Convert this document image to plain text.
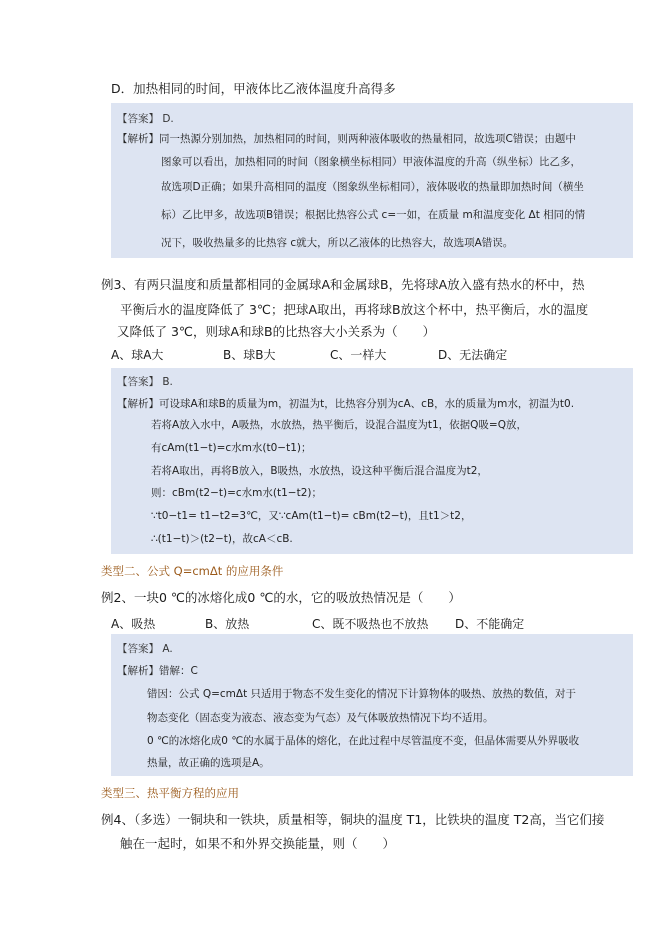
D．加热相同的时间，甲液体比乙液体温度升高得多
【答案】 D.
【解析】同一热源分别加热，加热相同的时间，则两种液体吸收的热量相同，故选项C错误；由题中
图象可以看出，加热相同的时间（图象横坐标相同）甲液体温度的升高（纵坐标）比乙多，
故选项D正确；如果升高相同的温度（图象纵坐标相同），液体吸收的热量即加热时间（横坐
标）乙比甲多，故选项B错误；根据比热容公式 c=一如，在质量 m和温度变化 Δt 相同的情
况下，吸收热量多的比热容 c就大，所以乙液体的比热容大，故选项A错误。
例3、有两只温度和质量都相同的金属球A和金属球B，先将球A放入盛有热水的杯中，热
平衡后水的温度降低了 3℃；把球A取出，再将球B放这个杯中，热平衡后，水的温度
又降低了 3℃，则球A和球B的比热容大小关系为（　　）
A、球A大	B、球B大	C、一样大	D、无法确定
【答案】 B.
【解析】可设球A和球B的质量为m，初温为t，比热容分别为cA、cB，水的质量为m水，初温为t0.
若将A放入水中，A吸热，水放热，热平衡后，设混合温度为t1，依据Q吸=Q放，
有cAm(t1−t)=c水m水(t0−t1)；
若将A取出，再将B放入，B吸热，水放热，设这种平衡后混合温度为t2，
则：cBm(t2−t)=c水m水(t1−t2)；
∵t0−t1= t1−t2=3℃，又∵cAm(t1−t)= cBm(t2−t)，且t1＞t2，
∴(t1−t)＞(t2−t)，故cA＜cB.
类型二、公式 Q=cmΔt 的应用条件
例2、一块0 ℃的冰熔化成0 ℃的水，它的吸放热情况是（　　）
A、吸热	B、放热	C、既不吸热也不放热 D、不能确定
【答案】 A.
【解析】错解：C
错因：公式 Q=cmΔt 只适用于物态不发生变化的情况下计算物体的吸热、放热的数值，对于
物态变化（固态变为液态、液态变为气态）及气体吸放热情况下均不适用。
0 ℃的冰熔化成0 ℃的水属于晶体的熔化，在此过程中尽管温度不变，但晶体需要从外界吸收
热量，故正确的选项是A。
类型三、热平衡方程的应用
例4、（多选）一铜块和一铁块，质量相等，铜块的温度 T1，比铁块的温度 T2高，当它们接
触在一起时，如果不和外界交换能量，则（　　）
